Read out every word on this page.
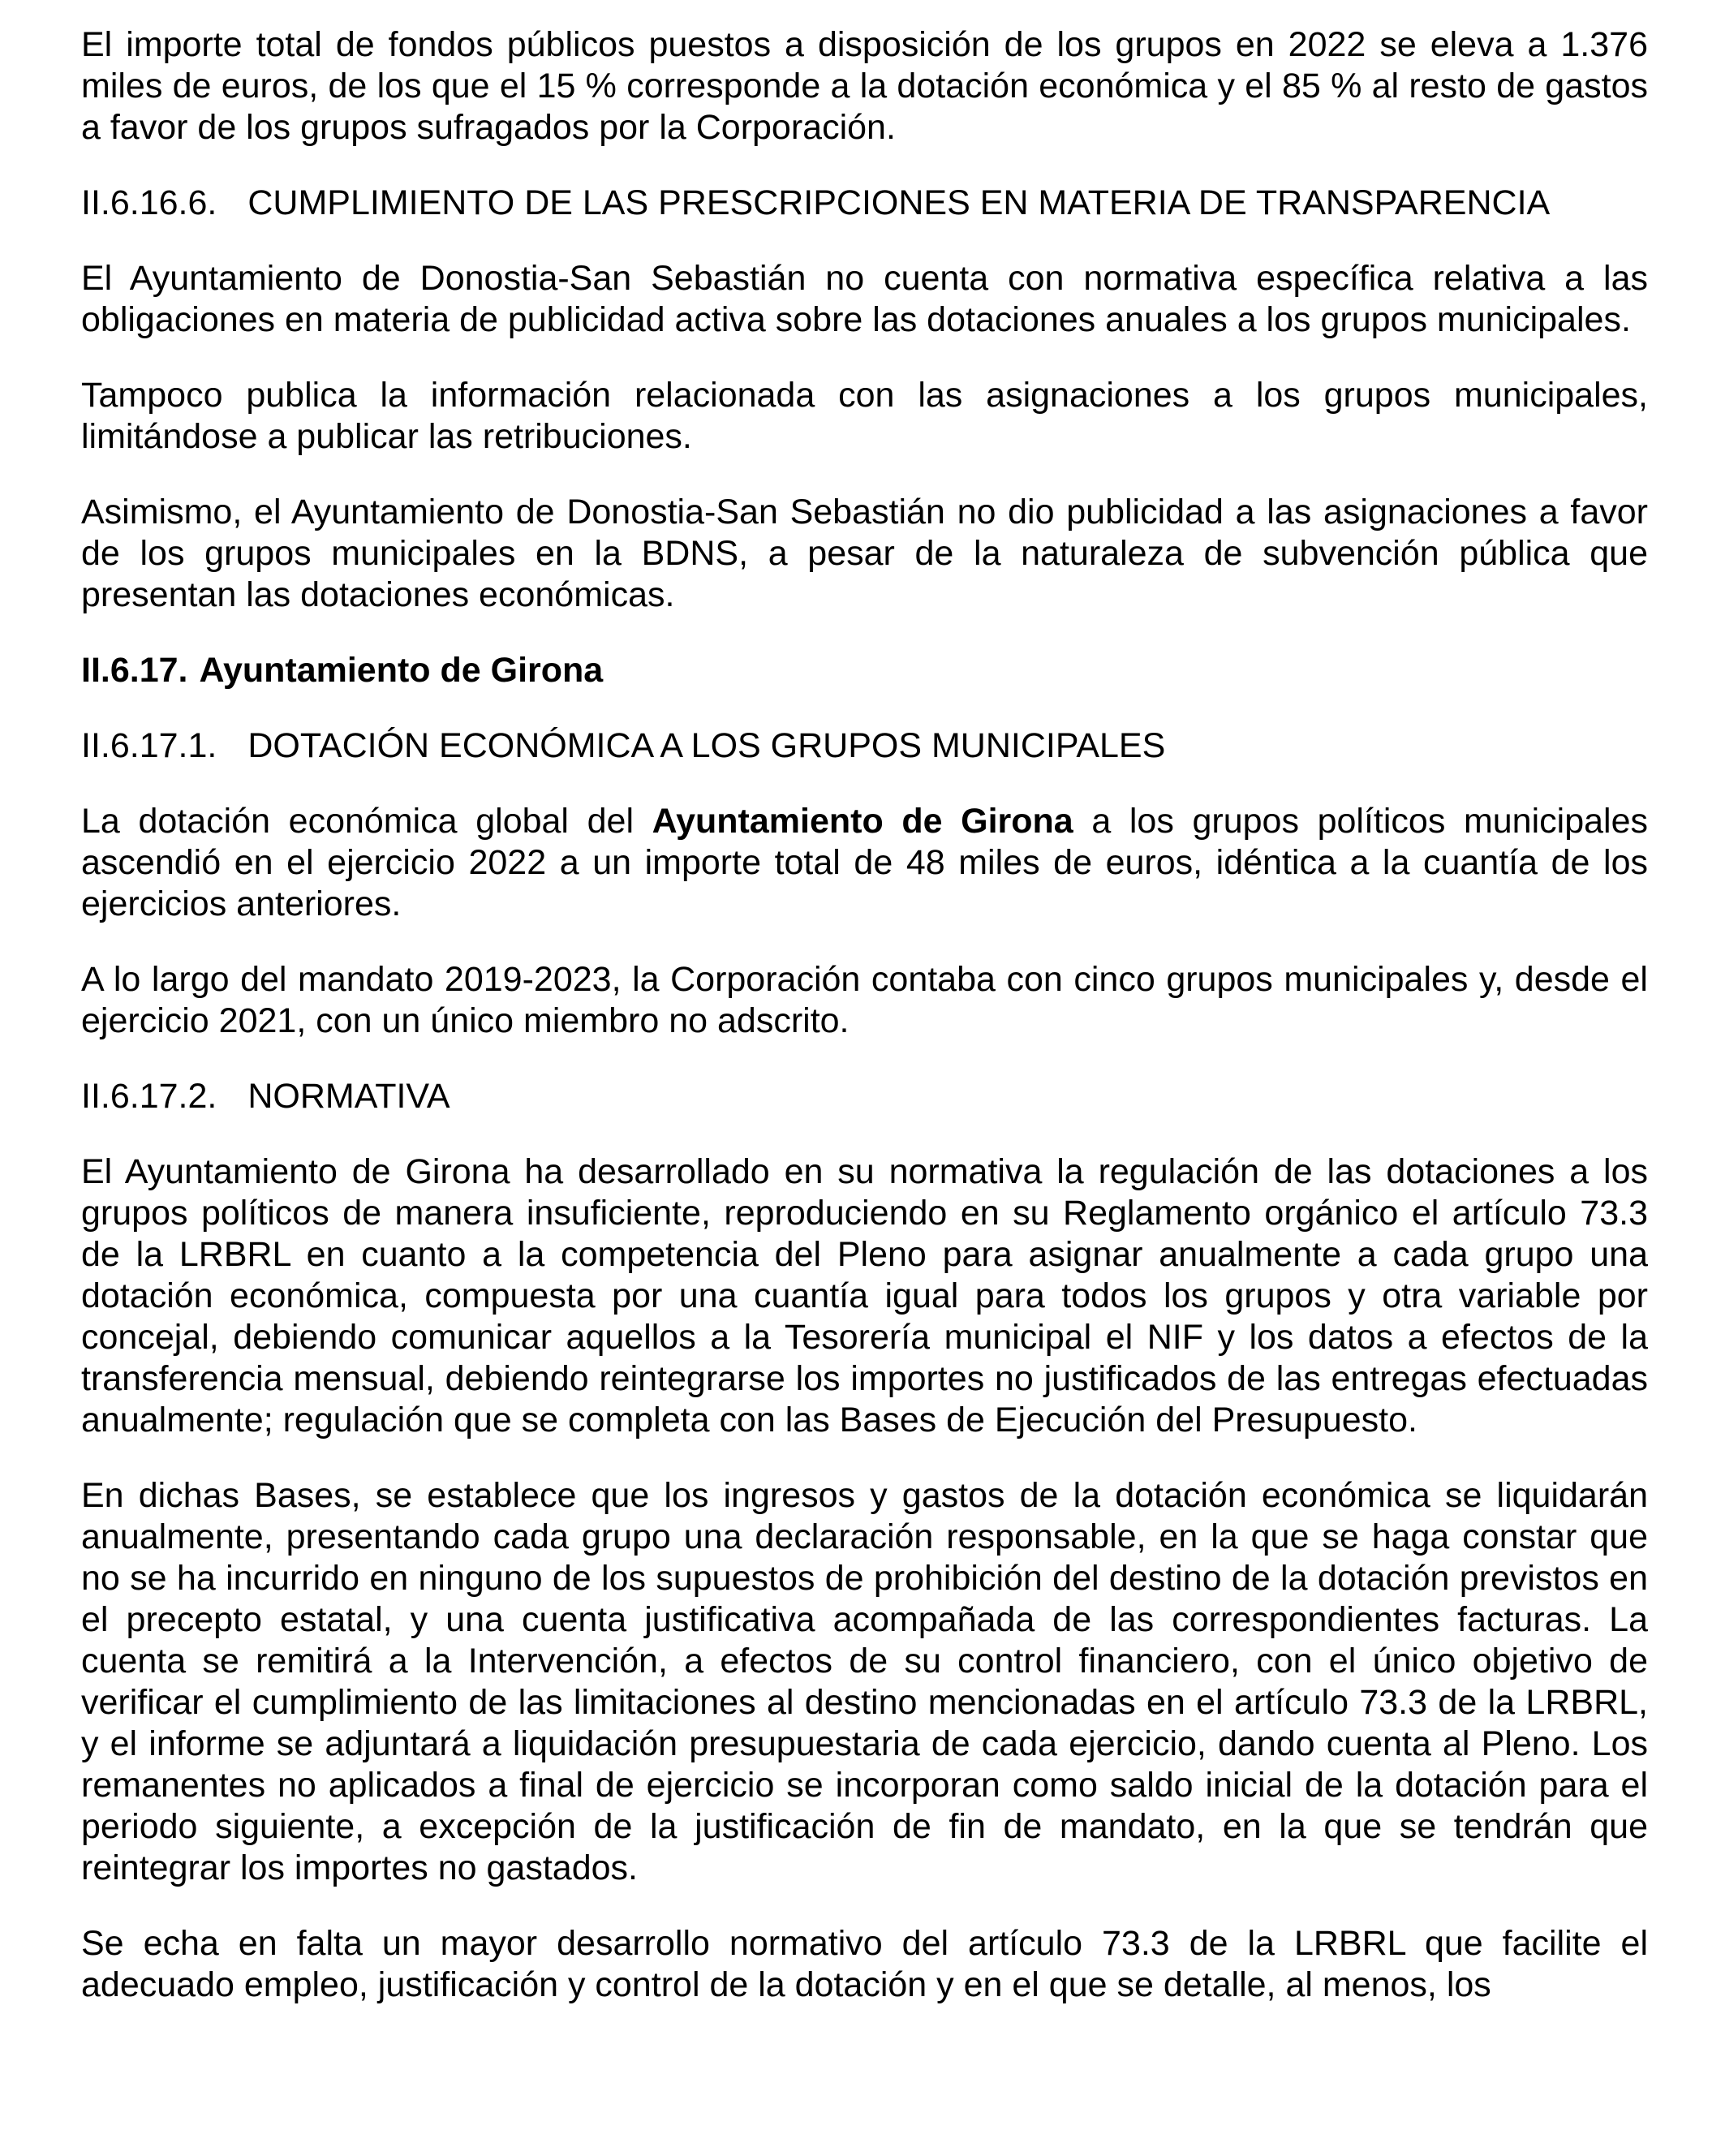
El importe total de fondos públicos puestos a disposición de los grupos en 2022 se eleva a 1.376 miles de euros, de los que el 15 % corresponde a la dotación económica y el 85 % al resto de gastos a favor de los grupos sufragados por la Corporación.

II.6.16.6. CUMPLIMIENTO DE LAS PRESCRIPCIONES EN MATERIA DE TRANSPARENCIA

El Ayuntamiento de Donostia-San Sebastián no cuenta con normativa específica relativa a las obligaciones en materia de publicidad activa sobre las dotaciones anuales a los grupos municipales.

Tampoco publica la información relacionada con las asignaciones a los grupos municipales, limitándose a publicar las retribuciones.

Asimismo, el Ayuntamiento de Donostia-San Sebastián no dio publicidad a las asignaciones a favor de los grupos municipales en la BDNS, a pesar de la naturaleza de subvención pública que presentan las dotaciones económicas.

II.6.17. Ayuntamiento de Girona
II.6.17.1. DOTACIÓN ECONÓMICA A LOS GRUPOS MUNICIPALES

La dotación económica global del Ayuntamiento de Girona a los grupos políticos municipales ascendió en el ejercicio 2022 a un importe total de 48 miles de euros, idéntica a la cuantía de los ejercicios anteriores.

A lo largo del mandato 2019-2023, la Corporación contaba con cinco grupos municipales y, desde el ejercicio 2021, con un único miembro no adscrito.

II.6.17.2. NORMATIVA

El Ayuntamiento de Girona ha desarrollado en su normativa la regulación de las dotaciones a los grupos políticos de manera insuficiente, reproduciendo en su Reglamento orgánico el artículo 73.3 de la LRBRL en cuanto a la competencia del Pleno para asignar anualmente a cada grupo una dotación económica, compuesta por una cuantía igual para todos los grupos y otra variable por concejal, debiendo comunicar aquellos a la Tesorería municipal el NIF y los datos a efectos de la transferencia mensual, debiendo reintegrarse los importes no justificados de las entregas efectuadas anualmente; regulación que se completa con las Bases de Ejecución del Presupuesto.

En dichas Bases, se establece que los ingresos y gastos de la dotación económica se liquidarán anualmente, presentando cada grupo una declaración responsable, en la que se haga constar que no se ha incurrido en ninguno de los supuestos de prohibición del destino de la dotación previstos en el precepto estatal, y una cuenta justificativa acompañada de las correspondientes facturas. La cuenta se remitirá a la Intervención, a efectos de su control financiero, con el único objetivo de verificar el cumplimiento de las limitaciones al destino mencionadas en el artículo 73.3 de la LRBRL, y el informe se adjuntará a liquidación presupuestaria de cada ejercicio, dando cuenta al Pleno. Los remanentes no aplicados a final de ejercicio se incorporan como saldo inicial de la dotación para el periodo siguiente, a excepción de la justificación de fin de mandato, en la que se tendrán que reintegrar los importes no gastados.

Se echa en falta un mayor desarrollo normativo del artículo 73.3 de la LRBRL que facilite el adecuado empleo, justificación y control de la dotación y en el que se detalle, al menos, los
